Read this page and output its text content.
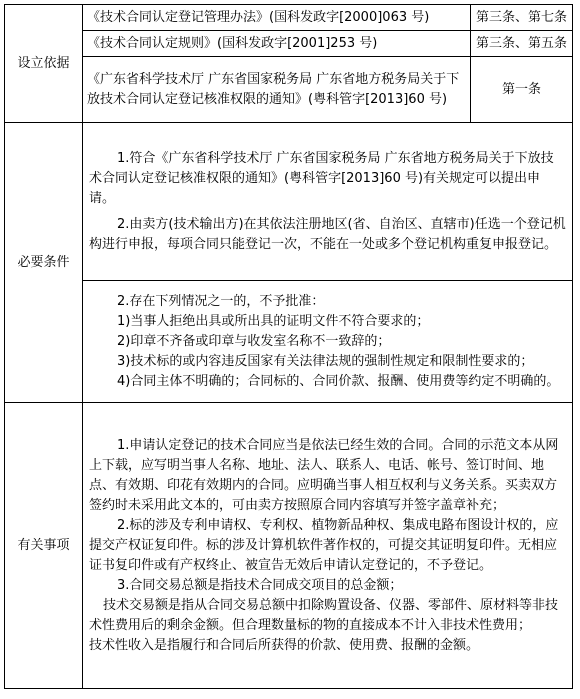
设立依据	《技术合同认定登记管理办法》(国科发政字[2000]063 号)	第三条、第七条
	《技术合同认定规则》(国科发政字[2001]253 号)	第三条、第五条
	《广东省科学技术厅 广东省国家税务局 广东省地方税务局关于下放技术合同认定登记核准权限的通知》(粤科管字[2013]60 号)	第一条
必要条件	1.符合《广东省科学技术厅 广东省国家税务局 广东省地方税务局关于下放技术合同认定登记核准权限的通知》(粤科管字[2013]60 号)有关规定可以提出申请。

2.由卖方(技术输出方)在其依法注册地区(省、自治区、直辖市)任选一个登记机构进行申报，每项合同只能登记一次，不能在一处或多个登记机构重复申报登记。	

	2.存在下列情况之一的，不予批准：

1)当事人拒绝出具或所出具的证明文件不符合要求的；

2)印章不齐备或印章与收发室名称不一致辞的；

3)技术标的或内容违反国家有关法律法规的强制性规定和限制性要求的；

4)合同主体不明确的；合同标的、合同价款、报酬、使用费等约定不明确的。	

有关事项	1.申请认定登记的技术合同应当是依法已经生效的合同。合同的示范文本从网上下载，应写明当事人名称、地址、法人、联系人、电话、帐号、签订时间、地点、有效期、印花有效期内的合同。应明确当事人相互权利与义务关系。买卖双方签约时未采用此文本的，可由卖方按照原合同内容填写并签字盖章补充；

2.标的涉及专利申请权、专利权、植物新品种权、集成电路布图设计权的，应提交产权证复印件。标的涉及计算机软件著作权的，可提交其证明复印件。无相应证书复印件或有产权终止、被宣告无效后申请认定登记的，不予登记。

3.合同交易总额是指技术合同成交项目的总金额；

技术交易额是指从合同交易总额中扣除购置设备、仪器、零部件、原材料等非技术性费用后的剩余金额。但合理数量标的物的直接成本不计入非技术性费用；

技术性收入是指履行和合同后所获得的价款、使用费、报酬的金额。	
